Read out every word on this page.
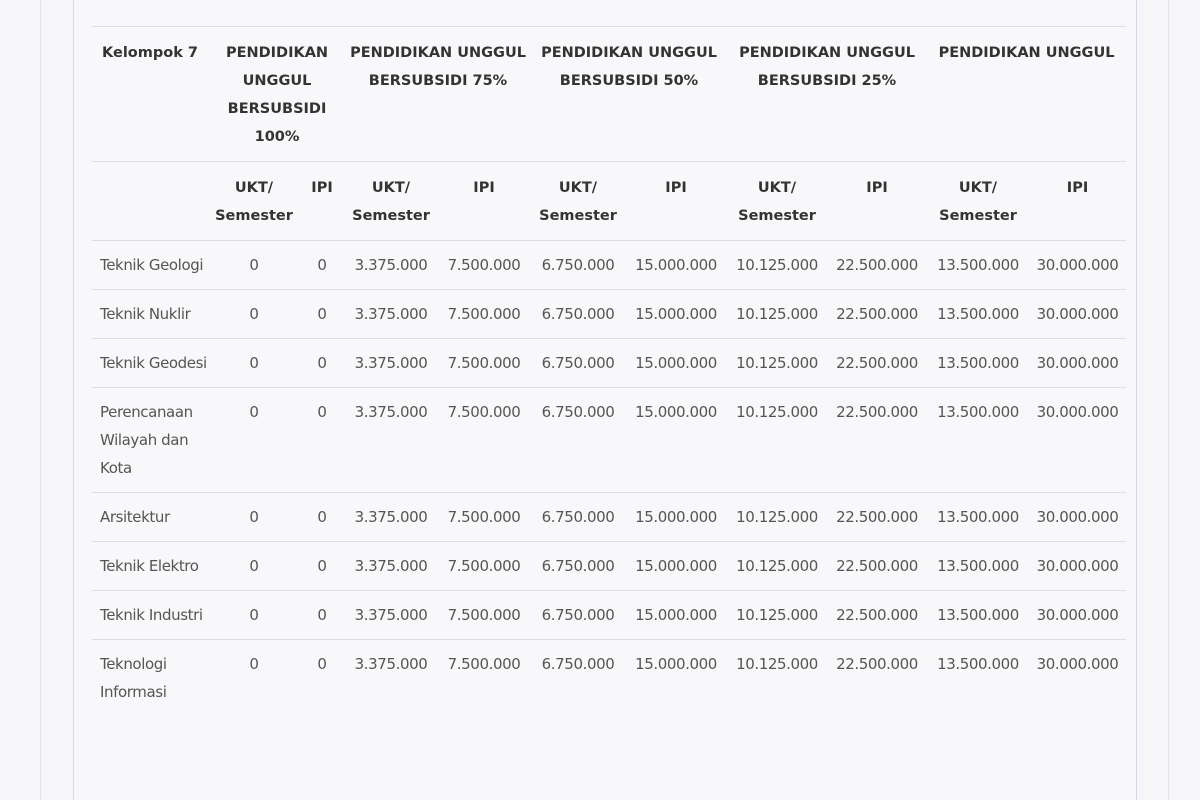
Kelompok 7	PENDIDIKAN UNGGUL BERSUBSIDI 100%		PENDIDIKAN UNGGUL BERSUBSIDI 75%		PENDIDIKAN UNGGUL BERSUBSIDI 50%		PENDIDIKAN UNGGUL BERSUBSIDI 25%		PENDIDIKAN UNGGUL	
	UKT/ Semester	IPI	UKT/ Semester	IPI	UKT/ Semester	IPI	UKT/ Semester	IPI	UKT/ Semester	IPI
Teknik Geologi	0	0	3.375.000	7.500.000	6.750.000	15.000.000	10.125.000	22.500.000	13.500.000	30.000.000
Teknik Nuklir	0	0	3.375.000	7.500.000	6.750.000	15.000.000	10.125.000	22.500.000	13.500.000	30.000.000
Teknik Geodesi	0	0	3.375.000	7.500.000	6.750.000	15.000.000	10.125.000	22.500.000	13.500.000	30.000.000
Perencanaan Wilayah dan Kota	0	0	3.375.000	7.500.000	6.750.000	15.000.000	10.125.000	22.500.000	13.500.000	30.000.000
Arsitektur	0	0	3.375.000	7.500.000	6.750.000	15.000.000	10.125.000	22.500.000	13.500.000	30.000.000
Teknik Elektro	0	0	3.375.000	7.500.000	6.750.000	15.000.000	10.125.000	22.500.000	13.500.000	30.000.000
Teknik Industri	0	0	3.375.000	7.500.000	6.750.000	15.000.000	10.125.000	22.500.000	13.500.000	30.000.000
Teknologi Informasi	0	0	3.375.000	7.500.000	6.750.000	15.000.000	10.125.000	22.500.000	13.500.000	30.000.000
